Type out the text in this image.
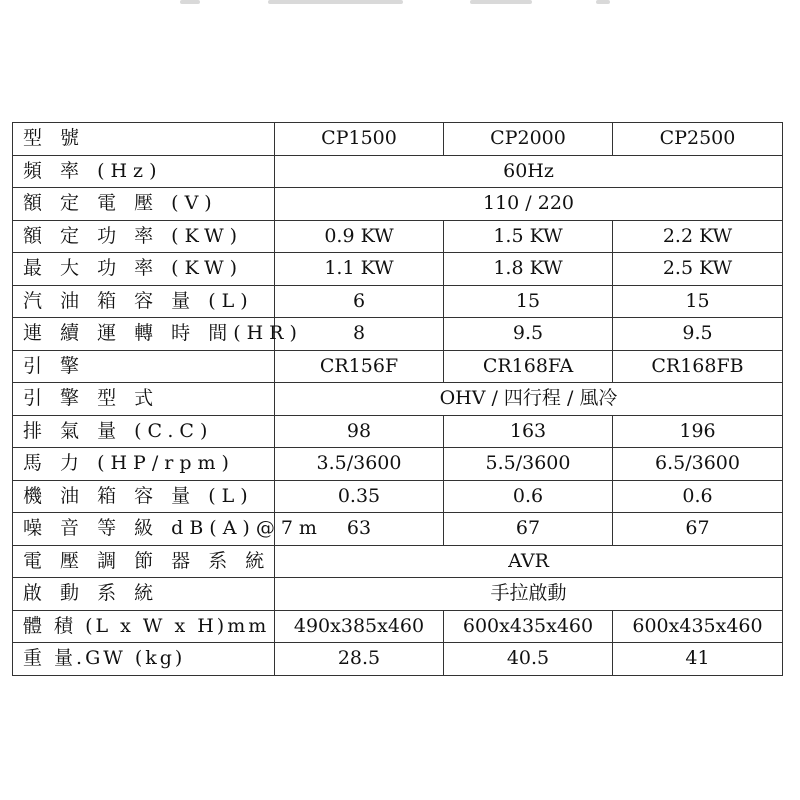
型 號	CP1500	CP2000	CP2500
頻 率 (Hz)	60Hz		
額 定 電 壓 (V)	110 / 220		
額 定 功 率 (KW)	0.9 KW	1.5 KW	2.2 KW
最 大 功 率 (KW)	1.1 KW	1.8 KW	2.5 KW
汽 油 箱 容 量 (L)	6	15	15
連 續 運 轉 時 間(HR)	8	9.5	9.5
引 擎	CR156F	CR168FA	CR168FB
引 擎 型 式	OHV / 四行程 / 風冷		
排 氣 量 (C.C)	98	163	196
馬 力 (HP/rpm)	3.5/3600	5.5/3600	6.5/3600
機 油 箱 容 量 (L)	0.35	0.6	0.6
噪 音 等 級 dB(A)@7m	63	67	67
電 壓 調 節 器 系 統	AVR		
啟 動 系 統	手拉啟動		
體 積 (L x W x H)mm	490x385x460	600x435x460	600x435x460
重 量.GW (kg)	28.5	40.5	41
